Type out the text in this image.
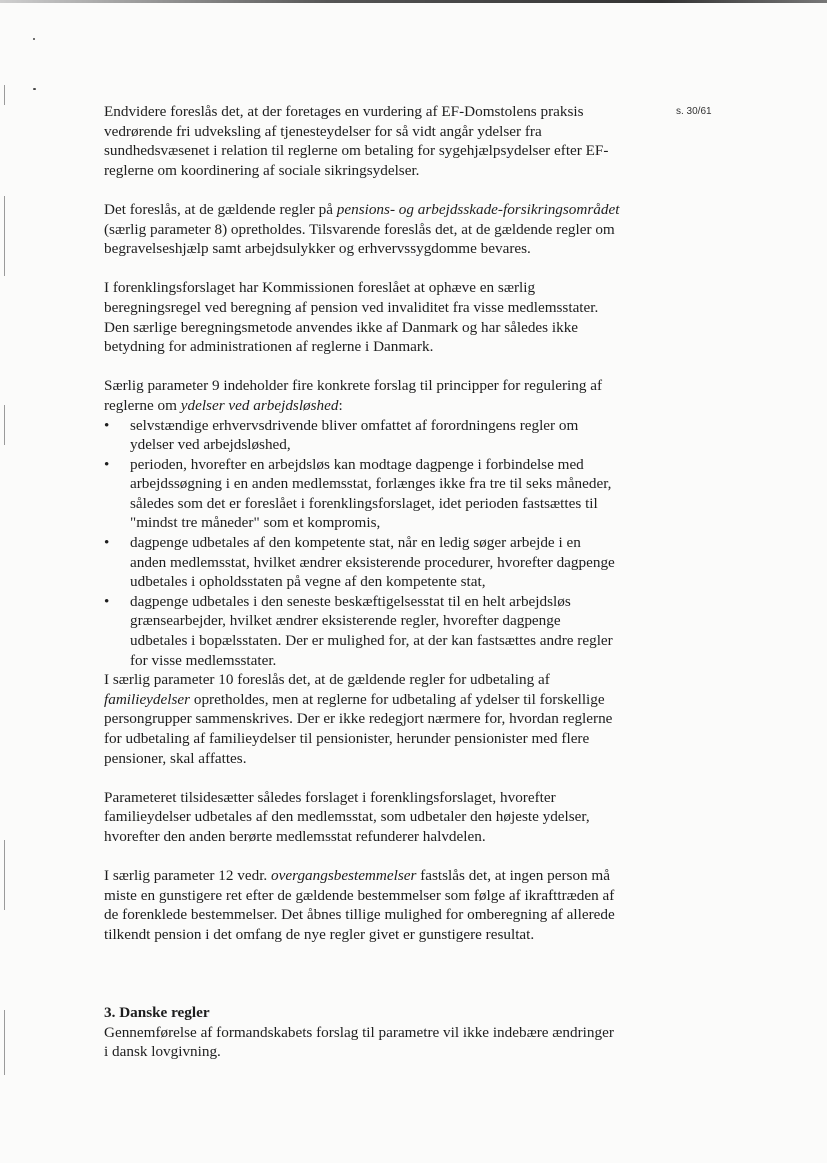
s. 30/61

Endvidere foreslås det, at der foretages en vurdering af EF-Domstolens praksis vedrørende fri udveksling af tjenesteydelser for så vidt angår ydelser fra sundhedsvæsenet i relation til reglerne om betaling for sygehjælpsydelser efter EF-reglerne om koordinering af sociale sikringsydelser.

Det foreslås, at de gældende regler på pensions- og arbejdsskade-forsikringsområdet (særlig parameter 8) opretholdes. Tilsvarende foreslås det, at de gældende regler om begravelseshjælp samt arbejdsulykker og erhvervssygdomme bevares.

I forenklingsforslaget har Kommissionen foreslået at ophæve en særlig beregningsregel ved beregning af pension ved invaliditet fra visse medlemsstater. Den særlige beregningsmetode anvendes ikke af Danmark og har således ikke betydning for administrationen af reglerne i Danmark.

Særlig parameter 9 indeholder fire konkrete forslag til principper for regulering af reglerne om ydelser ved arbejdsløshed:

• selvstændige erhvervsdrivende bliver omfattet af forordningens regler om ydelser ved arbejdsløshed,
• perioden, hvorefter en arbejdsløs kan modtage dagpenge i forbindelse med arbejdssøgning i en anden medlemsstat, forlænges ikke fra tre til seks måneder, således som det er foreslået i forenklingsforslaget, idet perioden fastsættes til "mindst tre måneder" som et kompromis,
• dagpenge udbetales af den kompetente stat, når en ledig søger arbejde i en anden medlemsstat, hvilket ændrer eksisterende procedurer, hvorefter dagpenge udbetales i opholdsstaten på vegne af den kompetente stat,
• dagpenge udbetales i den seneste beskæftigelsesstat til en helt arbejdsløs grænsearbejder, hvilket ændrer eksisterende regler, hvorefter dagpenge udbetales i bopælsstaten. Der er mulighed for, at der kan fastsættes andre regler for visse medlemsstater.

I særlig parameter 10 foreslås det, at de gældende regler for udbetaling af familieydelser opretholdes, men at reglerne for udbetaling af ydelser til forskellige persongrupper sammenskrives. Der er ikke redegjort nærmere for, hvordan reglerne for udbetaling af familieydelser til pensionister, herunder pensionister med flere pensioner, skal affattes.

Parameteret tilsidesætter således forslaget i forenklingsforslaget, hvorefter familieydelser udbetales af den medlemsstat, som udbetaler den højeste ydelser, hvorefter den anden berørte medlemsstat refunderer halvdelen.

I særlig parameter 12 vedr. overgangsbestemmelser fastslås det, at ingen person må miste en gunstigere ret efter de gældende bestemmelser som følge af ikrafttræden af de forenklede bestemmelser. Det åbnes tillige mulighed for omberegning af allerede tilkendt pension i det omfang de nye regler givet er gunstigere resultat.

3. Danske regler

Gennemførelse af formandskabets forslag til parametre vil ikke indebære ændringer i dansk lovgivning.
